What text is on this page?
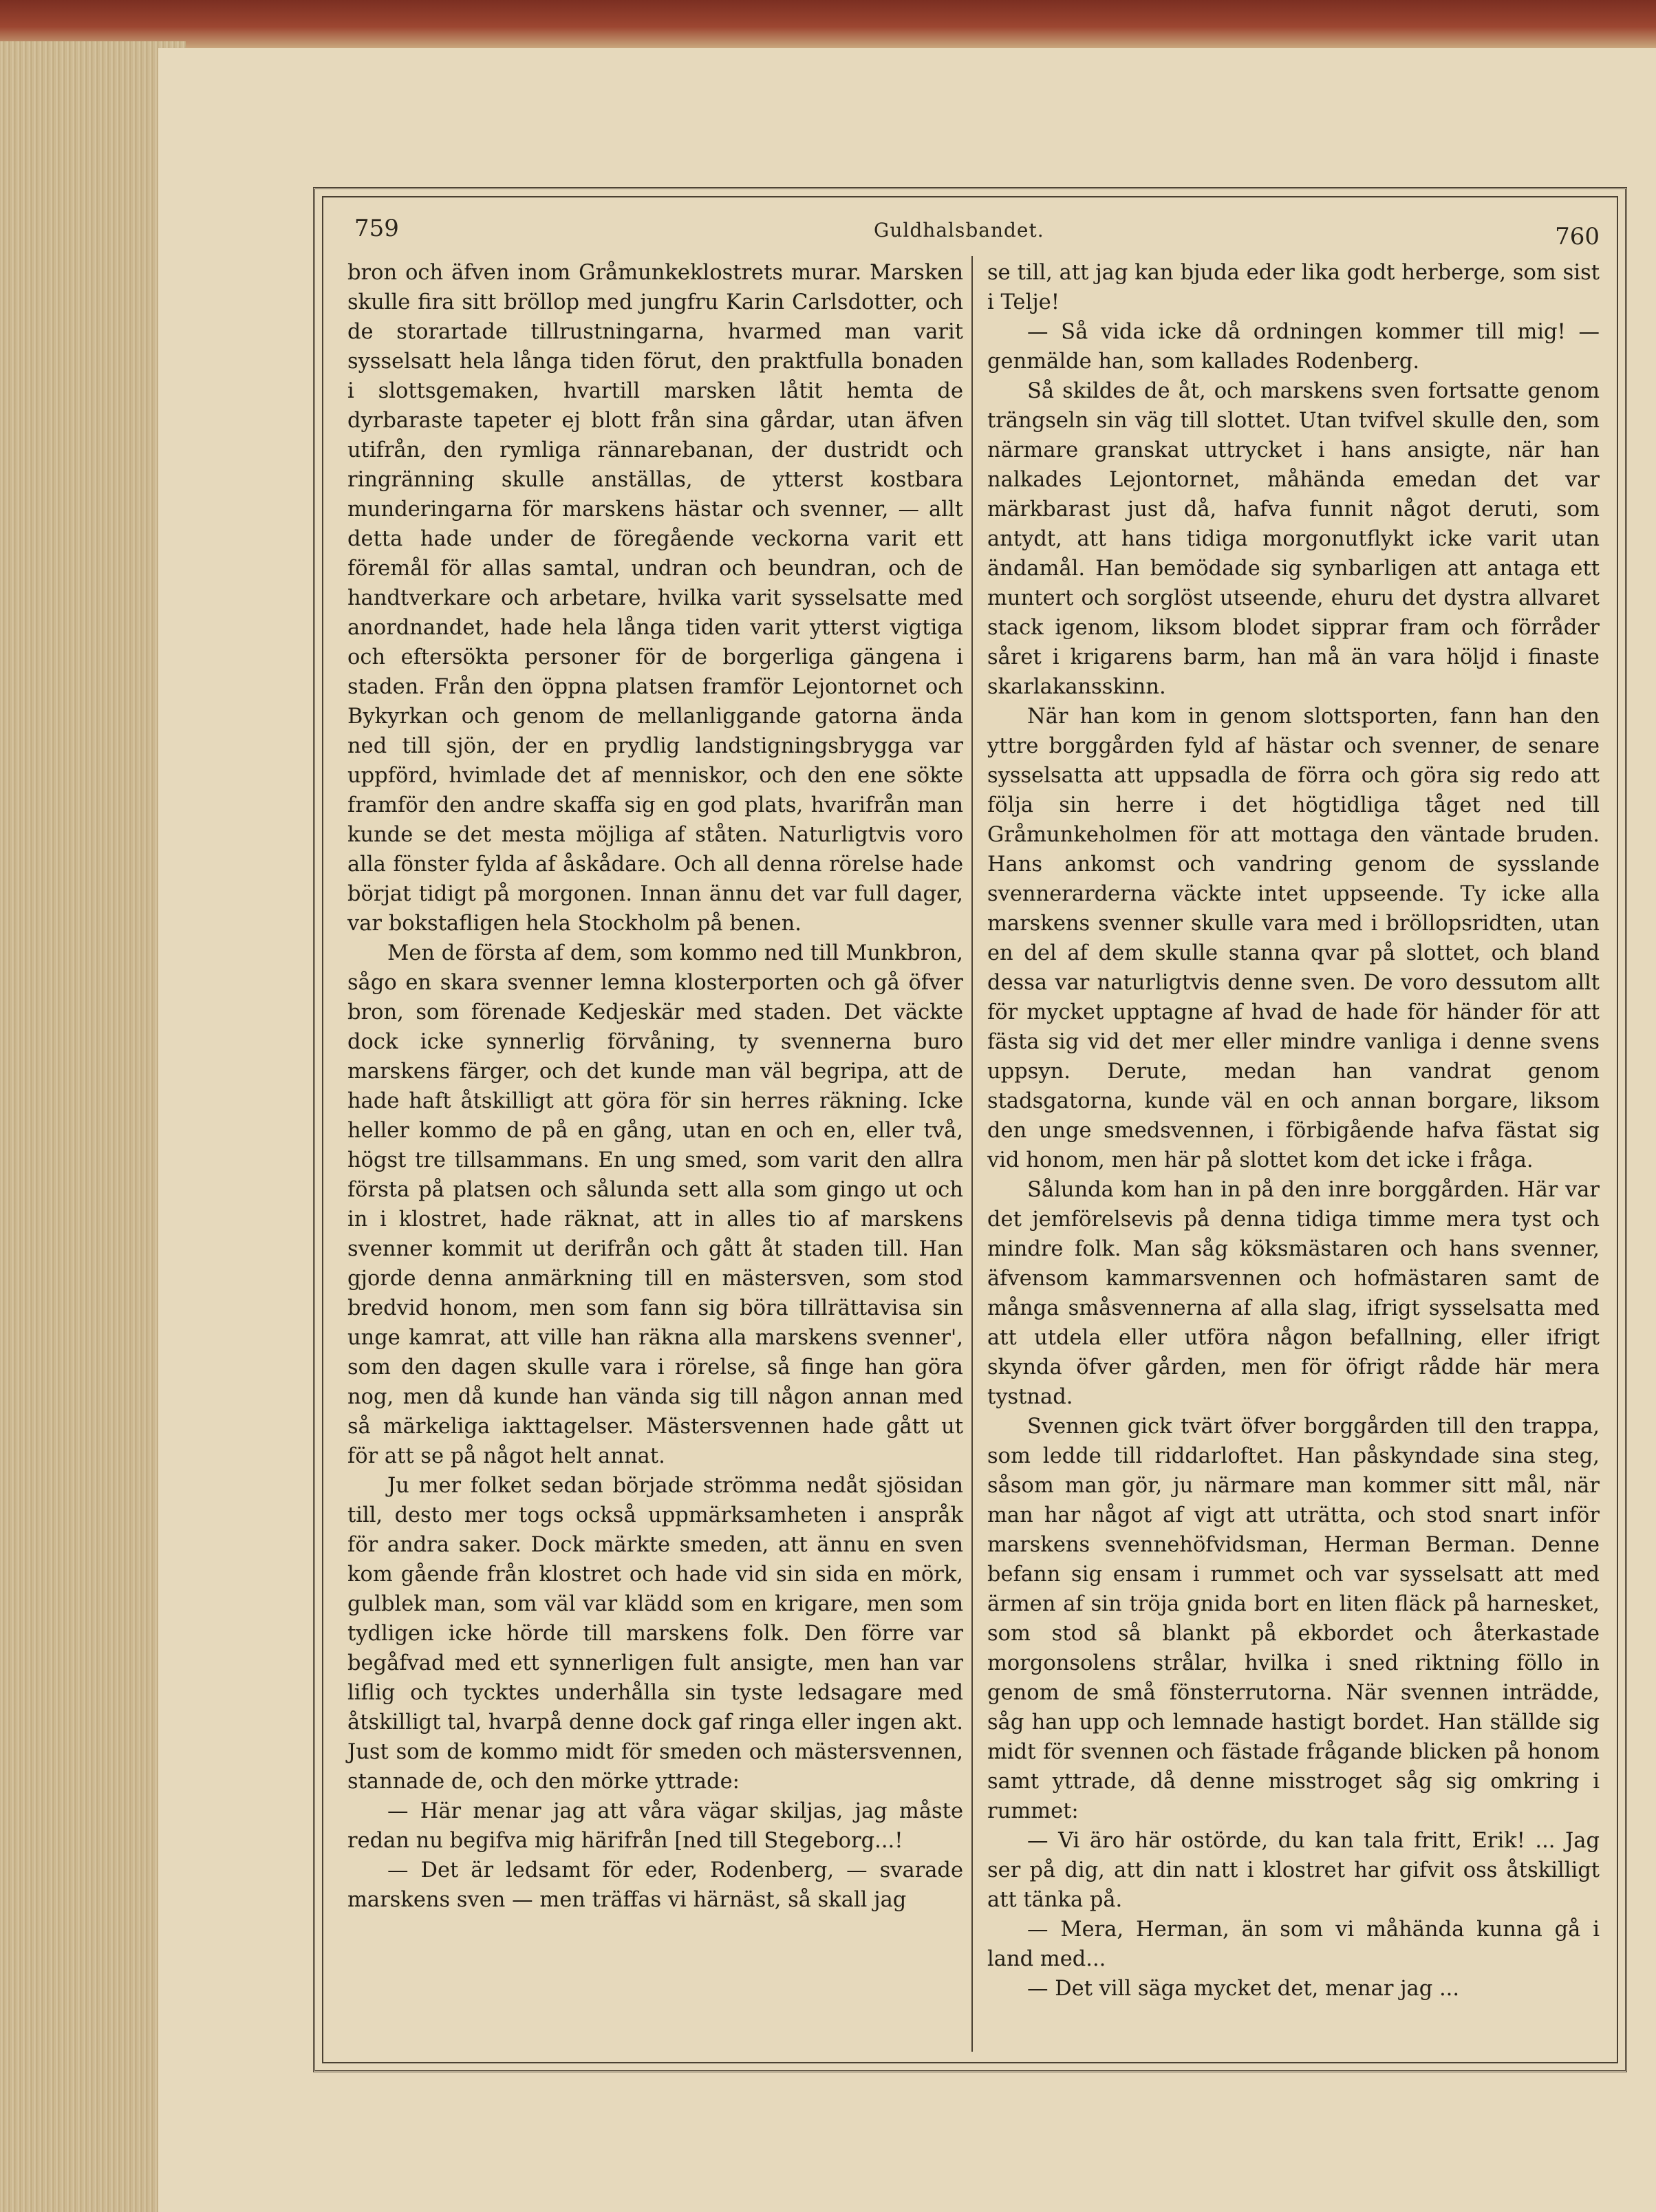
759	Guldhalsbandet.	760

bron och äfven inom Gråmunkeklostrets murar. Marsken skulle fira sitt bröllop med jungfru Karin Carlsdotter, och de storartade tillrustningarna, hvarmed man varit sysselsatt hela långa tiden förut, den praktfulla bonaden i slottsgemaken, hvartill marsken låtit hemta de dyrbaraste tapeter ej blott från sina gårdar, utan äfven utifrån, den rymliga rännarebanan, der dustridt och ringränning skulle anställas, de ytterst kostbara munderingarna för marskens hästar och svenner, — allt detta hade under de föregående veckorna varit ett föremål för allas samtal, undran och beundran, och de handtverkare och arbetare, hvilka varit sysselsatte med anordnandet, hade hela långa tiden varit ytterst vigtiga och eftersökta personer för de borgerliga gängena i staden. Från den öppna platsen framför Lejontornet och Bykyrkan och genom de mellanliggande gatorna ända ned till sjön, der en prydlig landstigningsbrygga var uppförd, hvimlade det af menniskor, och den ene sökte framför den andre skaffa sig en god plats, hvarifrån man kunde se det mesta möjliga af ståten. Naturligtvis voro alla fönster fylda af åskådare. Och all denna rörelse hade börjat tidigt på morgonen. Innan ännu det var full dager, var bokstafligen hela Stockholm på benen.

Men de första af dem, som kommo ned till Munkbron, sågo en skara svenner lemna klosterporten och gå öfver bron, som förenade Kedjeskär med staden. Det väckte dock icke synnerlig förvåning, ty svennerna buro marskens färger, och det kunde man väl begripa, att de hade haft åtskilligt att göra för sin herres räkning. Icke heller kommo de på en gång, utan en och en, eller två, högst tre tillsammans. En ung smed, som varit den allra första på platsen och sålunda sett alla som gingo ut och in i klostret, hade räknat, att in alles tio af marskens svenner kommit ut derifrån och gått åt staden till. Han gjorde denna anmärkning till en mästersven, som stod bredvid honom, men som fann sig böra tillrättavisa sin unge kamrat, att ville han räkna alla marskens svenner', som den dagen skulle vara i rörelse, så finge han göra nog, men då kunde han vända sig till någon annan med så märkeliga iakttagelser. Mästersvennen hade gått ut för att se på något helt annat.

Ju mer folket sedan började strömma nedåt sjösidan till, desto mer togs också uppmärksamheten i anspråk för andra saker. Dock märkte smeden, att ännu en sven kom gående från klostret och hade vid sin sida en mörk, gulblek man, som väl var klädd som en krigare, men som tydligen icke hörde till marskens folk. Den förre var begåfvad med ett synnerligen fult ansigte, men han var liflig och tycktes underhålla sin tyste ledsagare med åtskilligt tal, hvarpå denne dock gaf ringa eller ingen akt. Just som de kommo midt för smeden och mästersvennen, stannade de, och den mörke yttrade:

— Här menar jag att våra vägar skiljas, jag måste redan nu begifva mig härifrån [ned till Stegeborg...!

— Det är ledsamt för eder, Rodenberg, — svarade marskens sven — men träffas vi härnäst, så skall jag

se till, att jag kan bjuda eder lika godt herberge, som sist i Telje!

— Så vida icke då ordningen kommer till mig! — genmälde han, som kallades Rodenberg.

Så skildes de åt, och marskens sven fortsatte genom trängseln sin väg till slottet. Utan tvifvel skulle den, som närmare granskat uttrycket i hans ansigte, när han nalkades Lejontornet, måhända emedan det var märkbarast just då, hafva funnit något deruti, som antydt, att hans tidiga morgonutflykt icke varit utan ändamål. Han bemödade sig synbarligen att antaga ett muntert och sorglöst utseende, ehuru det dystra allvaret stack igenom, liksom blodet sipprar fram och förråder såret i krigarens barm, han må än vara höljd i finaste skarlakansskinn.

När han kom in genom slottsporten, fann han den yttre borggården fyld af hästar och svenner, de senare sysselsatta att uppsadla de förra och göra sig redo att följa sin herre i det högtidliga tåget ned till Gråmunkeholmen för att mottaga den väntade bruden. Hans ankomst och vandring genom de sysslande svennerarderna väckte intet uppseende. Ty icke alla marskens svenner skulle vara med i bröllopsridten, utan en del af dem skulle stanna qvar på slottet, och bland dessa var naturligtvis denne sven. De voro dessutom allt för mycket upptagne af hvad de hade för händer för att fästa sig vid det mer eller mindre vanliga i denne svens uppsyn. Derute, medan han vandrat genom stadsgatorna, kunde väl en och annan borgare, liksom den unge smedsvennen, i förbigående hafva fästat sig vid honom, men här på slottet kom det icke i fråga.

Sålunda kom han in på den inre borggården. Här var det jemförelsevis på denna tidiga timme mera tyst och mindre folk. Man såg köksmästaren och hans svenner, äfvensom kammarsvennen och hofmästaren samt de många småsvennerna af alla slag, ifrigt sysselsatta med att utdela eller utföra någon befallning, eller ifrigt skynda öfver gården, men för öfrigt rådde här mera tystnad.

Svennen gick tvärt öfver borggården till den trappa, som ledde till riddarloftet. Han påskyndade sina steg, såsom man gör, ju närmare man kommer sitt mål, när man har något af vigt att uträtta, och stod snart inför marskens svennehöfvidsman, Herman Berman. Denne befann sig ensam i rummet och var sysselsatt att med ärmen af sin tröja gnida bort en liten fläck på harnesket, som stod så blankt på ekbordet och återkastade morgonsolens strålar, hvilka i sned riktning föllo in genom de små fönsterrutorna. När svennen inträdde, såg han upp och lemnade hastigt bordet. Han ställde sig midt för svennen och fästade frågande blicken på honom samt yttrade, då denne misstroget såg sig omkring i rummet:

— Vi äro här ostörde, du kan tala fritt, Erik! ... Jag ser på dig, att din natt i klostret har gifvit oss åtskilligt att tänka på.

— Mera, Herman, än som vi måhända kunna gå i land med...

— Det vill säga mycket det, menar jag ...
